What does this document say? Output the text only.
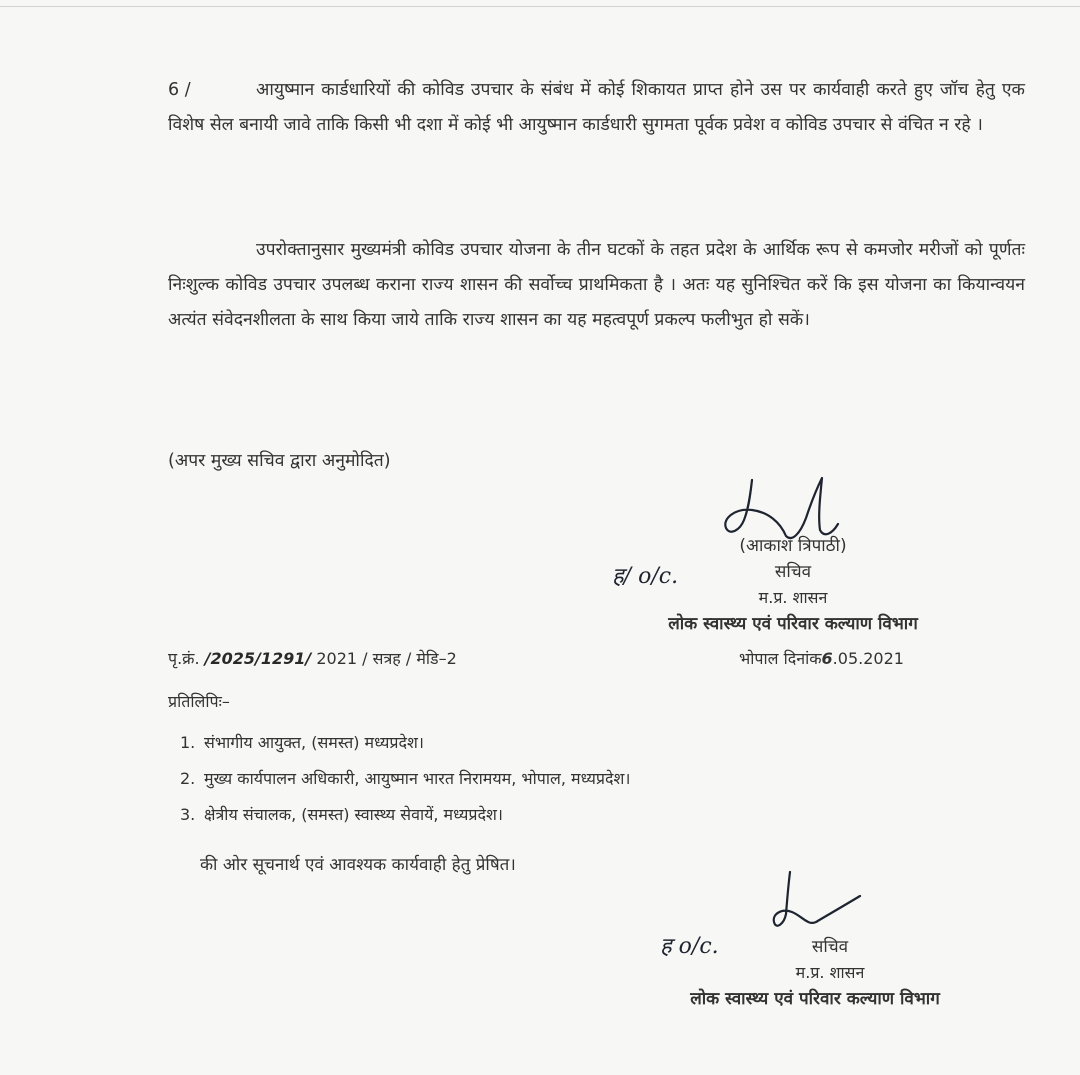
6 /	आयुष्मान कार्डधारियों की कोविड उपचार के संबंध में कोई शिकायत प्राप्त होने उस पर कार्यवाही करते हुए जॉच हेतु एक विशेष सेल बनायी जावे ताकि किसी भी दशा में कोई भी आयुष्मान कार्डधारी सुगमता पूर्वक प्रवेश व कोविड उपचार से वंचित न रहे ।

उपरोक्तानुसार मुख्यमंत्री कोविड उपचार योजना के तीन घटकों के तहत प्रदेश के आर्थिक रूप से कमजोर मरीजों को पूर्णतः निःशुल्क कोविड उपचार उपलब्ध कराना राज्य शासन की सर्वोच्च प्राथमिकता है । अतः यह सुनिश्चित करें कि इस योजना का कियान्वयन अत्यंत संवेदनशीलता के साथ किया जाये ताकि राज्य शासन का यह महत्वपूर्ण प्रकल्प फलीभुत हो सकें।

(अपर मुख्य सचिव द्वारा अनुमोदित)

ह/ o/c.
(आकाश त्रिपाठी)
सचिव
म.प्र. शासन
लोक स्वास्थ्य एवं परिवार कल्याण विभाग
पृ.क्रं. /2025/1291/ 2021 / सत्रह / मेडि–2	भोपाल दिनांक6.05.2021
प्रतिलिपिः–
1. संभागीय आयुक्त, (समस्त) मध्यप्रदेश।
2. मुख्य कार्यपालन अधिकारी, आयुष्मान भारत निरामयम, भोपाल, मध्यप्रदेश।
3. क्षेत्रीय संचालक, (समस्त) स्वास्थ्य सेवायें, मध्यप्रदेश।
की ओर सूचनार्थ एवं आवश्यक कार्यवाही हेतु प्रेषित।
ह o/c.	सचिव
म.प्र. शासन
लोक स्वास्थ्य एवं परिवार कल्याण विभाग
